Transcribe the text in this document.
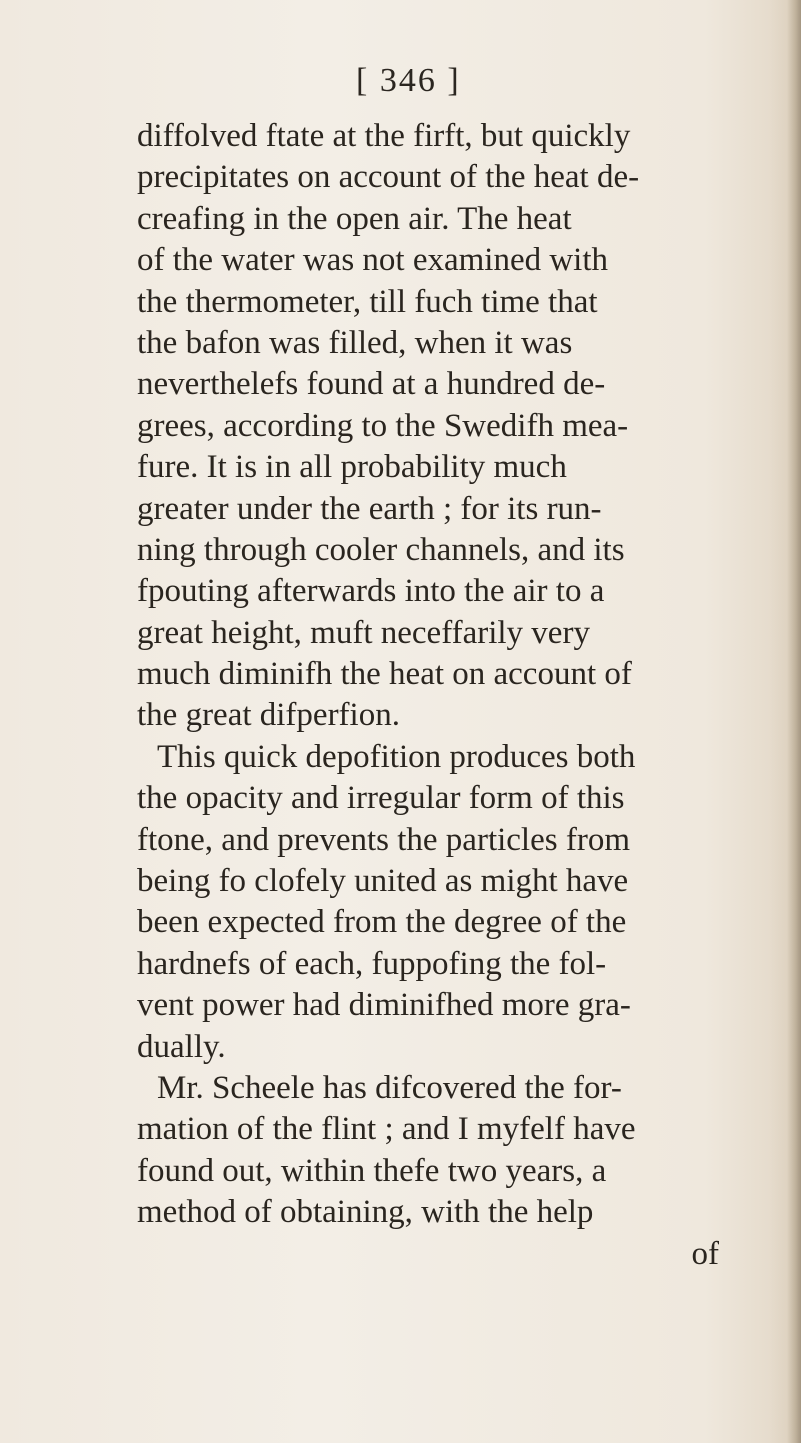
[ 346 ]
diffolved ftate at the firft, but quickly
precipitates on account of the heat de-
creafing in the open air. The heat
of the water was not examined with
the thermometer, till fuch time that
the bafon was filled, when it was
neverthelefs found at a hundred de-
grees, according to the Swedifh mea-
fure. It is in all probability much
greater under the earth ; for its run-
ning through cooler channels, and its
fpouting afterwards into the air to a
great height, muft neceffarily very
much diminifh the heat on account of
the great difperfion.
This quick depofition produces both
the opacity and irregular form of this
ftone, and prevents the particles from
being fo clofely united as might have
been expected from the degree of the
hardnefs of each, fuppofing the fol-
vent power had diminifhed more gra-
dually.
Mr. Scheele has difcovered the for-
mation of the flint ; and I myfelf have
found out, within thefe two years, a
method of obtaining, with the help
of
